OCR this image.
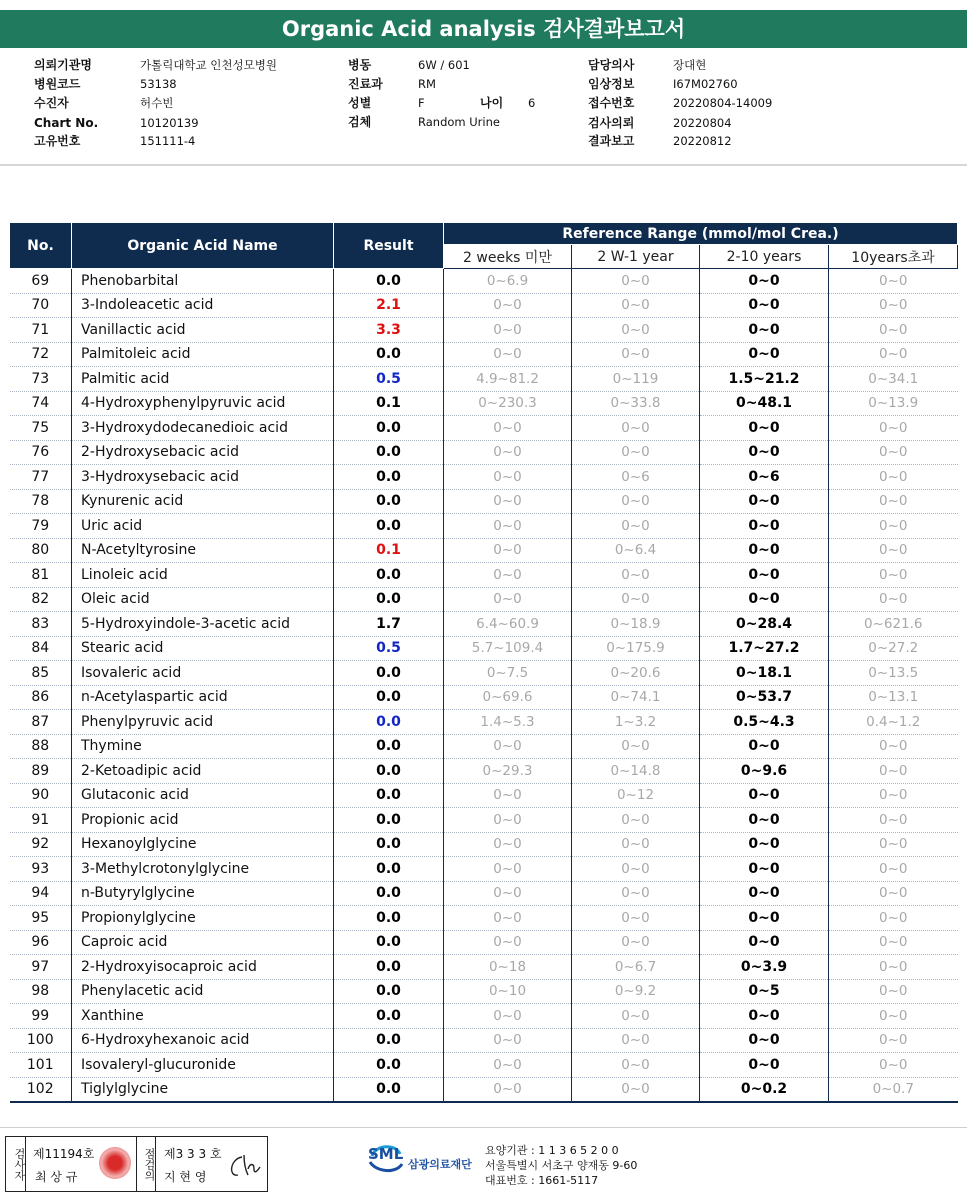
Organic Acid analysis 검사결과보고서
의뢰기관명	가톨릭대학교 인천성모병원
병원코드	53138
수진자	허수빈
Chart No.	10120139
고유번호	151111-4
병동	6W / 601
진료과	RM
성별	F	나이 6
검체	Random Urine
담당의사	장대현
임상정보	I67M02760
접수번호	20220804-14009
검사의뢰	20220804
결과보고	20220812
No.	Organic Acid Name	Result	Reference Range (mmol/mol Crea.)			
			2 weeks 미만	2 W-1 year	2-10 years	10years초과
69	Phenobarbital	0.0	0~6.9	0~0	0~0	0~0
70	3-Indoleacetic acid	2.1	0~0	0~0	0~0	0~0
71	Vanillactic acid	3.3	0~0	0~0	0~0	0~0
72	Palmitoleic acid	0.0	0~0	0~0	0~0	0~0
73	Palmitic acid	0.5	4.9~81.2	0~119	1.5~21.2	0~34.1
74	4-Hydroxyphenylpyruvic acid	0.1	0~230.3	0~33.8	0~48.1	0~13.9
75	3-Hydroxydodecanedioic acid	0.0	0~0	0~0	0~0	0~0
76	2-Hydroxysebacic acid	0.0	0~0	0~0	0~0	0~0
77	3-Hydroxysebacic acid	0.0	0~0	0~6	0~6	0~0
78	Kynurenic acid	0.0	0~0	0~0	0~0	0~0
79	Uric acid	0.0	0~0	0~0	0~0	0~0
80	N-Acetyltyrosine	0.1	0~0	0~6.4	0~0	0~0
81	Linoleic acid	0.0	0~0	0~0	0~0	0~0
82	Oleic acid	0.0	0~0	0~0	0~0	0~0
83	5-Hydroxyindole-3-acetic acid	1.7	6.4~60.9	0~18.9	0~28.4	0~621.6
84	Stearic acid	0.5	5.7~109.4	0~175.9	1.7~27.2	0~27.2
85	Isovaleric acid	0.0	0~7.5	0~20.6	0~18.1	0~13.5
86	n-Acetylaspartic acid	0.0	0~69.6	0~74.1	0~53.7	0~13.1
87	Phenylpyruvic acid	0.0	1.4~5.3	1~3.2	0.5~4.3	0.4~1.2
88	Thymine	0.0	0~0	0~0	0~0	0~0
89	2-Ketoadipic acid	0.0	0~29.3	0~14.8	0~9.6	0~0
90	Glutaconic acid	0.0	0~0	0~12	0~0	0~0
91	Propionic acid	0.0	0~0	0~0	0~0	0~0
92	Hexanoylglycine	0.0	0~0	0~0	0~0	0~0
93	3-Methylcrotonylglycine	0.0	0~0	0~0	0~0	0~0
94	n-Butyrylglycine	0.0	0~0	0~0	0~0	0~0
95	Propionylglycine	0.0	0~0	0~0	0~0	0~0
96	Caproic acid	0.0	0~0	0~0	0~0	0~0
97	2-Hydroxyisocaproic acid	0.0	0~18	0~6.7	0~3.9	0~0
98	Phenylacetic acid	0.0	0~10	0~9.2	0~5	0~0
99	Xanthine	0.0	0~0	0~0	0~0	0~0
100	6-Hydroxyhexanoic acid	0.0	0~0	0~0	0~0	0~0
101	Isovaleryl-glucuronide	0.0	0~0	0~0	0~0	0~0
102	Tiglylglycine	0.0	0~0	0~0	0~0.2	0~0.7
검사자 제11194호
최 상 규	점검의 제3 3 3 호
지 현 영
SML
삼광의료재단
요양기관 : 1 1 3 6 5 2 0 0
서울특별시 서초구 양재동 9-60
대표번호 : 1661-5117
